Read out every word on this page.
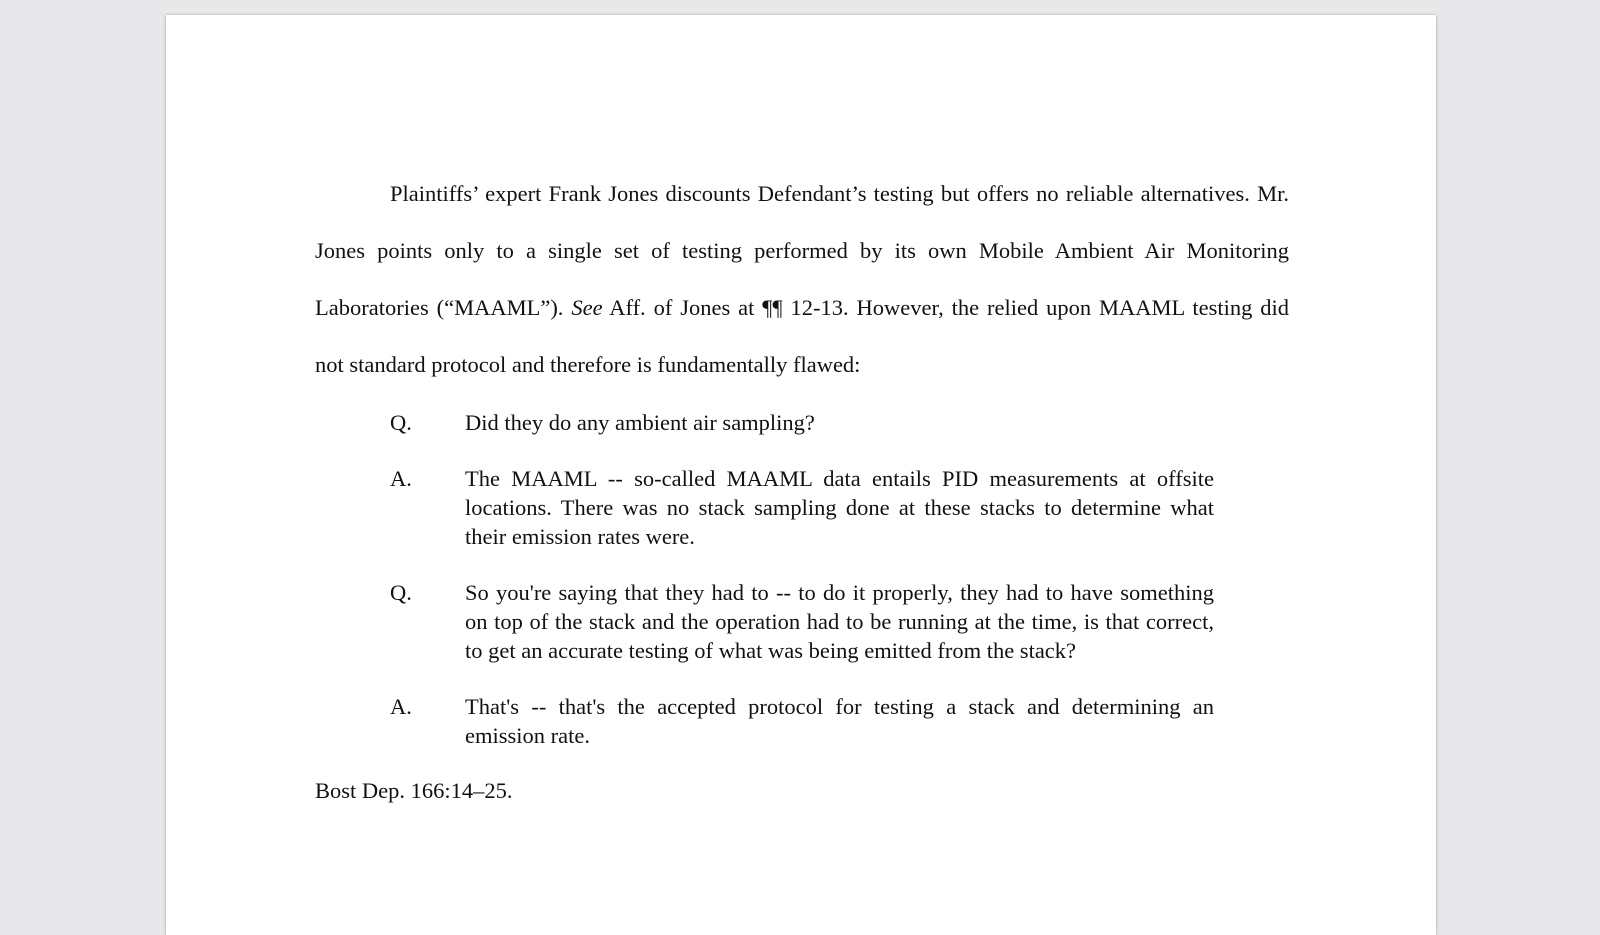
Plaintiffs’ expert Frank Jones discounts Defendant’s testing but offers no reliable alternatives. Mr. Jones points only to a single set of testing performed by its own Mobile Ambient Air Monitoring Laboratories (“MAAML”). See Aff. of Jones at ¶¶ 12-13. However, the relied upon MAAML testing did not standard protocol and therefore is fundamentally flawed:

Q. Did they do any ambient air sampling?
A. The MAAML -- so-called MAAML data entails PID measurements at offsite locations. There was no stack sampling done at these stacks to determine what their emission rates were.
Q. So you're saying that they had to -- to do it properly, they had to have something on top of the stack and the operation had to be running at the time, is that correct, to get an accurate testing of what was being emitted from the stack?
A. That's -- that's the accepted protocol for testing a stack and determining an emission rate.
Bost Dep. 166:14–25.
